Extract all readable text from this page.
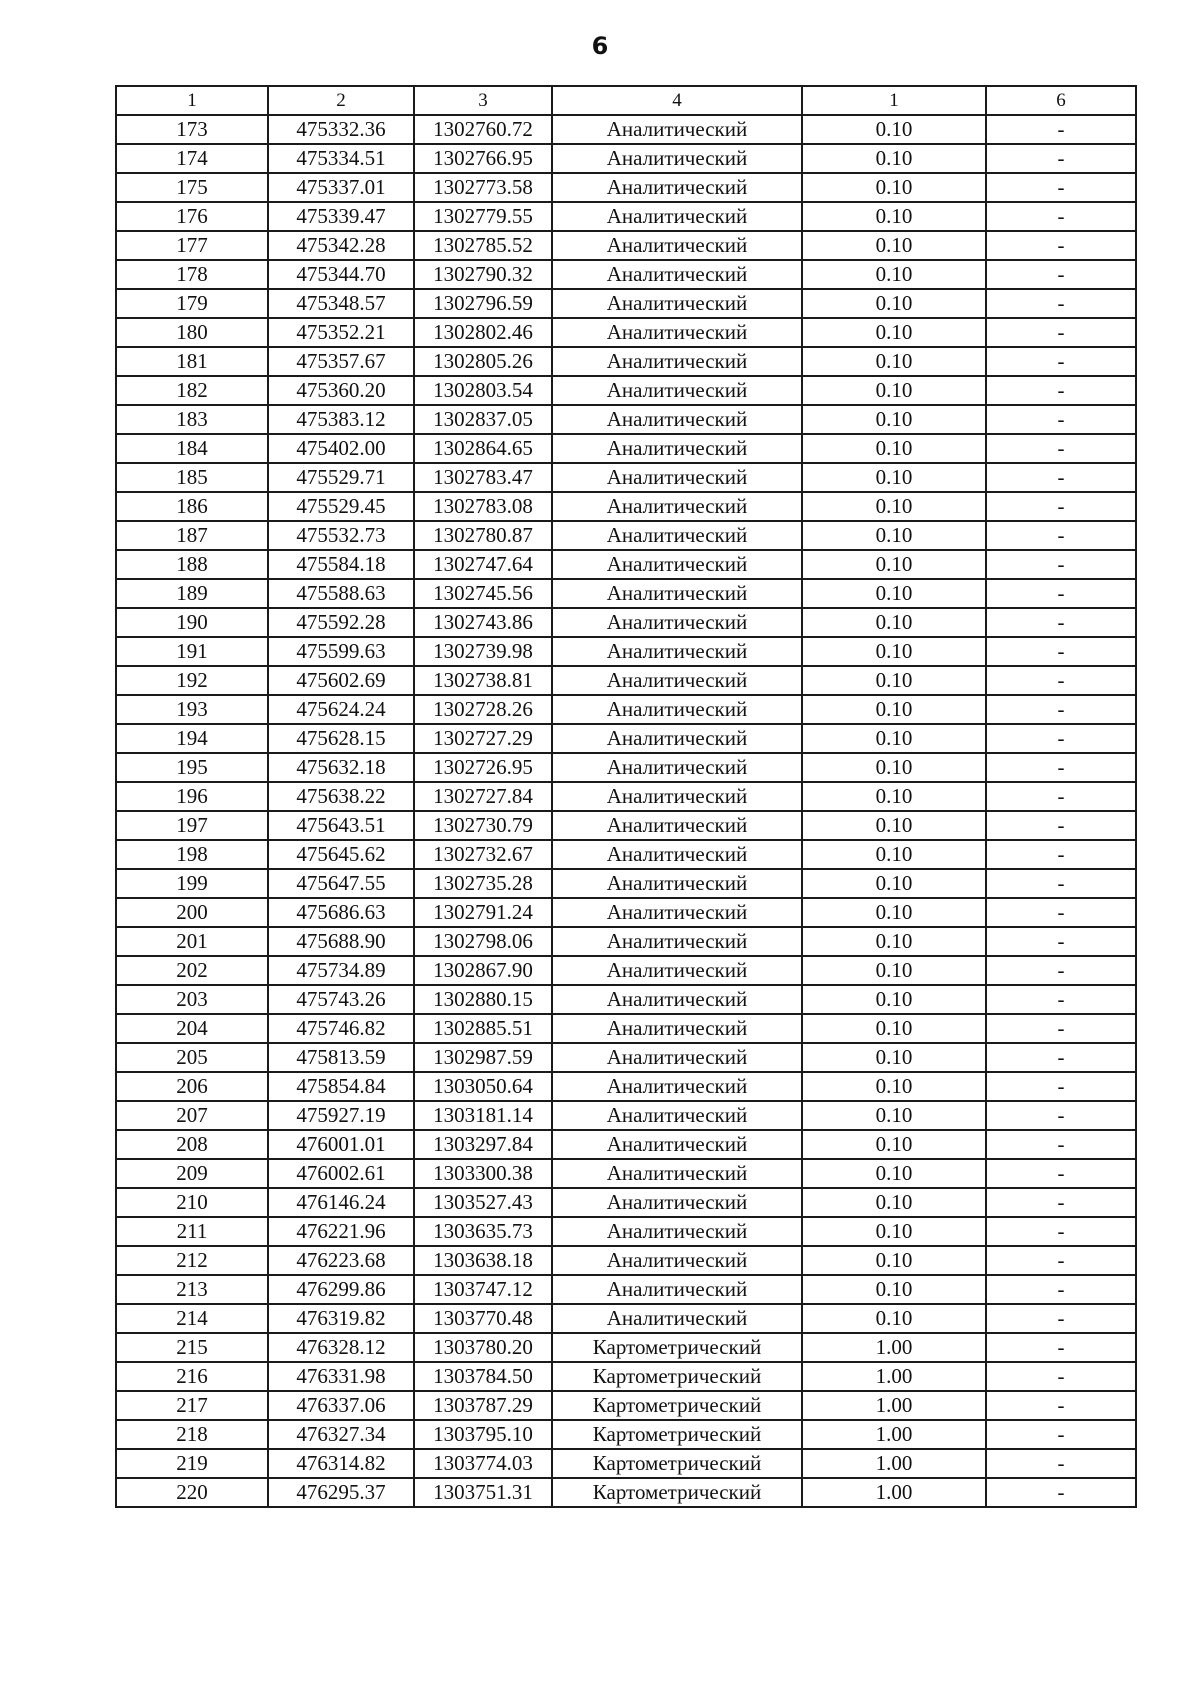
6
1	2	3	4	1	6
173	475332.36	1302760.72	Аналитический	0.10	-
174	475334.51	1302766.95	Аналитический	0.10	-
175	475337.01	1302773.58	Аналитический	0.10	-
176	475339.47	1302779.55	Аналитический	0.10	-
177	475342.28	1302785.52	Аналитический	0.10	-
178	475344.70	1302790.32	Аналитический	0.10	-
179	475348.57	1302796.59	Аналитический	0.10	-
180	475352.21	1302802.46	Аналитический	0.10	-
181	475357.67	1302805.26	Аналитический	0.10	-
182	475360.20	1302803.54	Аналитический	0.10	-
183	475383.12	1302837.05	Аналитический	0.10	-
184	475402.00	1302864.65	Аналитический	0.10	-
185	475529.71	1302783.47	Аналитический	0.10	-
186	475529.45	1302783.08	Аналитический	0.10	-
187	475532.73	1302780.87	Аналитический	0.10	-
188	475584.18	1302747.64	Аналитический	0.10	-
189	475588.63	1302745.56	Аналитический	0.10	-
190	475592.28	1302743.86	Аналитический	0.10	-
191	475599.63	1302739.98	Аналитический	0.10	-
192	475602.69	1302738.81	Аналитический	0.10	-
193	475624.24	1302728.26	Аналитический	0.10	-
194	475628.15	1302727.29	Аналитический	0.10	-
195	475632.18	1302726.95	Аналитический	0.10	-
196	475638.22	1302727.84	Аналитический	0.10	-
197	475643.51	1302730.79	Аналитический	0.10	-
198	475645.62	1302732.67	Аналитический	0.10	-
199	475647.55	1302735.28	Аналитический	0.10	-
200	475686.63	1302791.24	Аналитический	0.10	-
201	475688.90	1302798.06	Аналитический	0.10	-
202	475734.89	1302867.90	Аналитический	0.10	-
203	475743.26	1302880.15	Аналитический	0.10	-
204	475746.82	1302885.51	Аналитический	0.10	-
205	475813.59	1302987.59	Аналитический	0.10	-
206	475854.84	1303050.64	Аналитический	0.10	-
207	475927.19	1303181.14	Аналитический	0.10	-
208	476001.01	1303297.84	Аналитический	0.10	-
209	476002.61	1303300.38	Аналитический	0.10	-
210	476146.24	1303527.43	Аналитический	0.10	-
211	476221.96	1303635.73	Аналитический	0.10	-
212	476223.68	1303638.18	Аналитический	0.10	-
213	476299.86	1303747.12	Аналитический	0.10	-
214	476319.82	1303770.48	Аналитический	0.10	-
215	476328.12	1303780.20	Картометрический	1.00	-
216	476331.98	1303784.50	Картометрический	1.00	-
217	476337.06	1303787.29	Картометрический	1.00	-
218	476327.34	1303795.10	Картометрический	1.00	-
219	476314.82	1303774.03	Картометрический	1.00	-
220	476295.37	1303751.31	Картометрический	1.00	-
